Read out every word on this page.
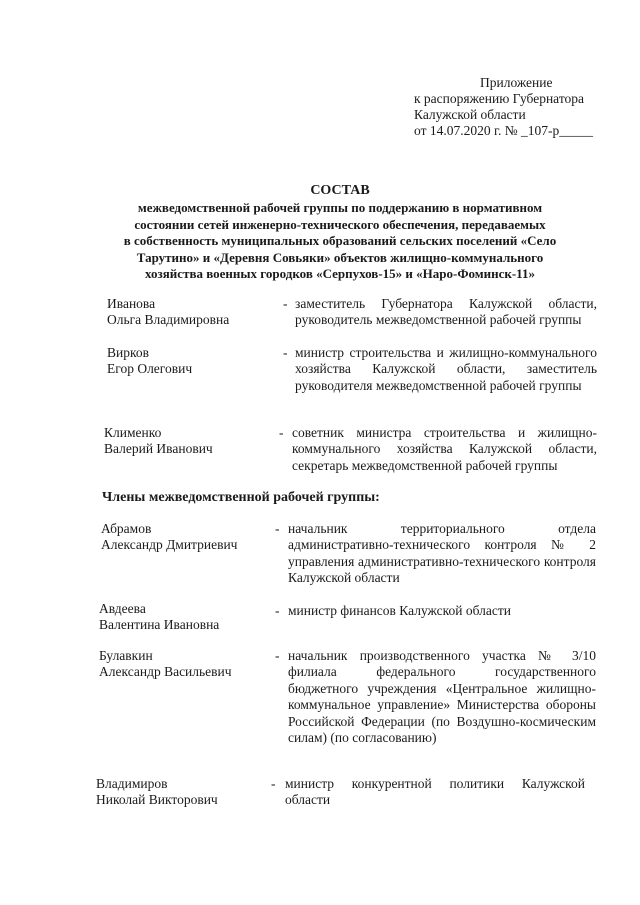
Приложение
к распоряжению Губернатора
Калужской области
от 14.07.2020 г. № _107-р_____
СОСТАВ
межведомственной рабочей группы по поддержанию в нормативном
состоянии сетей инженерно-технического обеспечения, передаваемых
в собственность муниципальных образований сельских поселений «Село
Тарутино» и «Деревня Совьяки» объектов жилищно-коммунального
хозяйства военных городков «Серпухов-15» и «Наро-Фоминск-11»
Иванова
Ольга Владимировна
- заместитель Губернатора Калужской области, руководитель межведомственной рабочей группы
Вирков
Егор Олегович
- министр строительства и жилищно-коммунального хозяйства Калужской области, заместитель руководителя межведомственной рабочей группы
Клименко
Валерий Иванович
- советник министра строительства и жилищно-коммунального хозяйства Калужской области, секретарь межведомственной рабочей группы
Члены межведомственной рабочей группы:
Абрамов
Александр Дмитриевич
- начальник территориального отдела административно-технического контроля № 2 управления административно-технического контроля Калужской области
Авдеева
Валентина Ивановна
- министр финансов Калужской области
Булавкин
Александр Васильевич
- начальник производственного участка № 3/10 филиала федерального государственного бюджетного учреждения «Центральное жилищно-коммунальное управление» Министерства обороны Российской Федерации (по Воздушно-космическим силам) (по согласованию)
Владимиров
Николай Викторович
- министр конкурентной политики Калужской области
